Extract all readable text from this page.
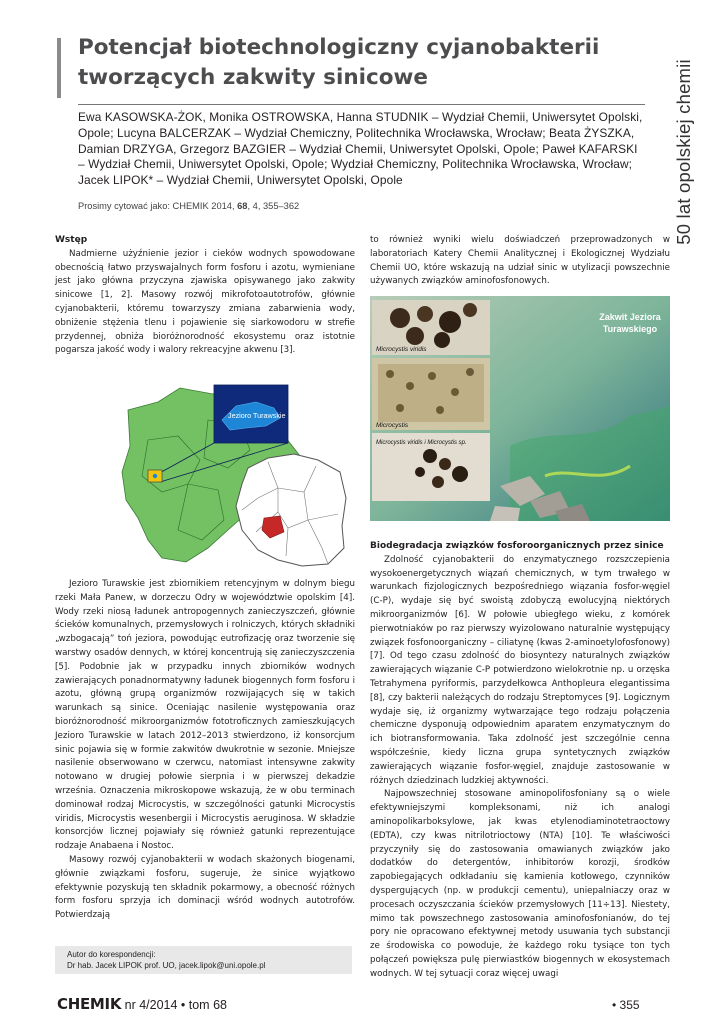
Potencjał biotechnologiczny cyjanobakterii tworzących zakwity sinicowe
Ewa KASOWSKA-ŻOK, Monika OSTROWSKA, Hanna STUDNIK – Wydział Chemii, Uniwersytet Opolski, Opole; Lucyna BALCERZAK – Wydział Chemiczny, Politechnika Wrocławska, Wrocław; Beata ŻYSZKA, Damian DRZYGA, Grzegorz BAZGIER – Wydział Chemii, Uniwersytet Opolski, Opole; Paweł KAFARSKI – Wydział Chemii, Uniwersytet Opolski, Opole; Wydział Chemiczny, Politechnika Wrocławska, Wrocław; Jacek LIPOK* – Wydział Chemii, Uniwersytet Opolski, Opole
Prosimy cytować jako: CHEMIK 2014, 68, 4, 355–362	50 lat opolskiej chemii
Wstęp

Nadmierne użyźnienie jezior i cieków wodnych spowodowane obecnością łatwo przyswajalnych form fosforu i azotu, wymieniane jest jako główna przyczyna zjawiska opisywanego jako zakwity sinicowe [1, 2]. Masowy rozwój mikrofotoautotrofów, głównie cyjanobakterii, któremu towarzyszy zmiana zabarwienia wody, obniżenie stężenia tlenu i pojawienie się siarkowodoru w strefie przydennej, obniża bioróżnorodność ekosystemu oraz istotnie pogarsza jakość wody i walory rekreacyjne akwenu [3].

Jezioro Turawskie

Jezioro Turawskie jest zbiornikiem retencyjnym w dolnym biegu rzeki Mała Panew, w dorzeczu Odry w województwie opolskim [4]. Wody rzeki niosą ładunek antropogennych zanieczyszczeń, głównie ścieków komunalnych, przemysłowych i rolniczych, których składniki „wzbogacają” toń jeziora, powodując eutrofizację oraz tworzenie się warstwy osadów dennych, w której koncentrują się zanieczyszczenia [5]. Podobnie jak w przypadku innych zbiorników wodnych zawierających ponadnormatywny ładunek biogennych form fosforu i azotu, główną grupą organizmów rozwijających się w takich warunkach są sinice. Oceniając nasilenie występowania oraz bioróżnorodność mikroorganizmów fototroficznych zamieszkujących Jezioro Turawskie w latach 2012–2013 stwierdzono, iż konsorcjum sinic pojawia się w formie zakwitów dwukrotnie w sezonie. Mniejsze nasilenie obserwowano w czerwcu, natomiast intensywne zakwity notowano w drugiej połowie sierpnia i w pierwszej dekadzie września. Oznaczenia mikroskopowe wskazują, że w obu terminach dominował rodzaj Microcystis, w szczególności gatunki Microcystis viridis, Microcystis wesenbergii i Microcystis aeruginosa. W składzie konsorcjów licznej pojawiały się również gatunki reprezentujące rodzaje Anabaena i Nostoc.

Masowy rozwój cyjanobakterii w wodach skażonych biogenami, głównie związkami fosforu, sugeruje, że sinice wyjątkowo efektywnie pozyskują ten składnik pokarmowy, a obecność różnych form fosforu sprzyja ich dominacji wśród wodnych autotrofów. Potwierdzają

to również wyniki wielu doświadczeń przeprowadzonych w laboratoriach Katery Chemii Analitycznej i Ekologicznej Wydziału Chemii UO, które wskazują na udział sinic w utylizacji powszechnie używanych związków aminofosfonowych.

Zakwit Jeziora
Turawskiego
Microcystis viridis
Microcystis
Microcystis viridis i Microcystis sp.
Biodegradacja związków fosforoorganicznych przez sinice

Zdolność cyjanobakterii do enzymatycznego rozszczepienia wysokoenergetycznych wiązań chemicznych, w tym trwałego w warunkach fizjologicznych bezpośredniego wiązania fosfor-węgiel (C-P), wydaje się być swoistą zdobyczą ewolucyjną niektórych mikroorganizmów [6]. W połowie ubiegłego wieku, z komórek pierwotniaków po raz pierwszy wyizolowano naturalnie występujący związek fosfonoorganiczny – ciliatynę (kwas 2-aminoetylofosfonowy) [7]. Od tego czasu zdolność do biosyntezy naturalnych związków zawierających wiązanie C-P potwierdzono wielokrotnie np. u orzęska Tetrahymena pyriformis, parzydełkowca Anthopleura elegantissima [8], czy bakterii należących do rodzaju Streptomyces [9]. Logicznym wydaje się, iż organizmy wytwarzające tego rodzaju połączenia chemiczne dysponują odpowiednim aparatem enzymatycznym do ich biotransformowania. Taka zdolność jest szczególnie cenna współcześnie, kiedy liczna grupa syntetycznych związków zawierających wiązanie fosfor-węgiel, znajduje zastosowanie w różnych dziedzinach ludzkiej aktywności.

Najpowszechniej stosowane aminopolifosfoniany są o wiele efektywniejszymi kompleksonami, niż ich analogi aminopolikarboksylowe, jak kwas etylenodiaminotetraoctowy (EDTA), czy kwas nitrilotrioctowy (NTA) [10]. Te właściwości przyczyniły się do zastosowania omawianych związków jako dodatków do detergentów, inhibitorów korozji, środków zapobiegających odkładaniu się kamienia kotłowego, czynników dyspergujących (np. w produkcji cementu), uniepalniaczy oraz w procesach oczyszczania ścieków przemysłowych [11÷13]. Niestety, mimo tak powszechnego zastosowania aminofosfonianów, do tej pory nie opracowano efektywnej metody usuwania tych substancji ze środowiska co powoduje, że każdego roku tysiące ton tych połączeń powiększa pulę pierwiastków biogennych w ekosystemach wodnych. W tej sytuacji coraz więcej uwagi

Autor do korespondencji:
Dr hab. Jacek LIPOK prof. UO, jacek.lipok@uni.opole.pl
CHEMIK nr 4/2014 • tom 68	• 355
